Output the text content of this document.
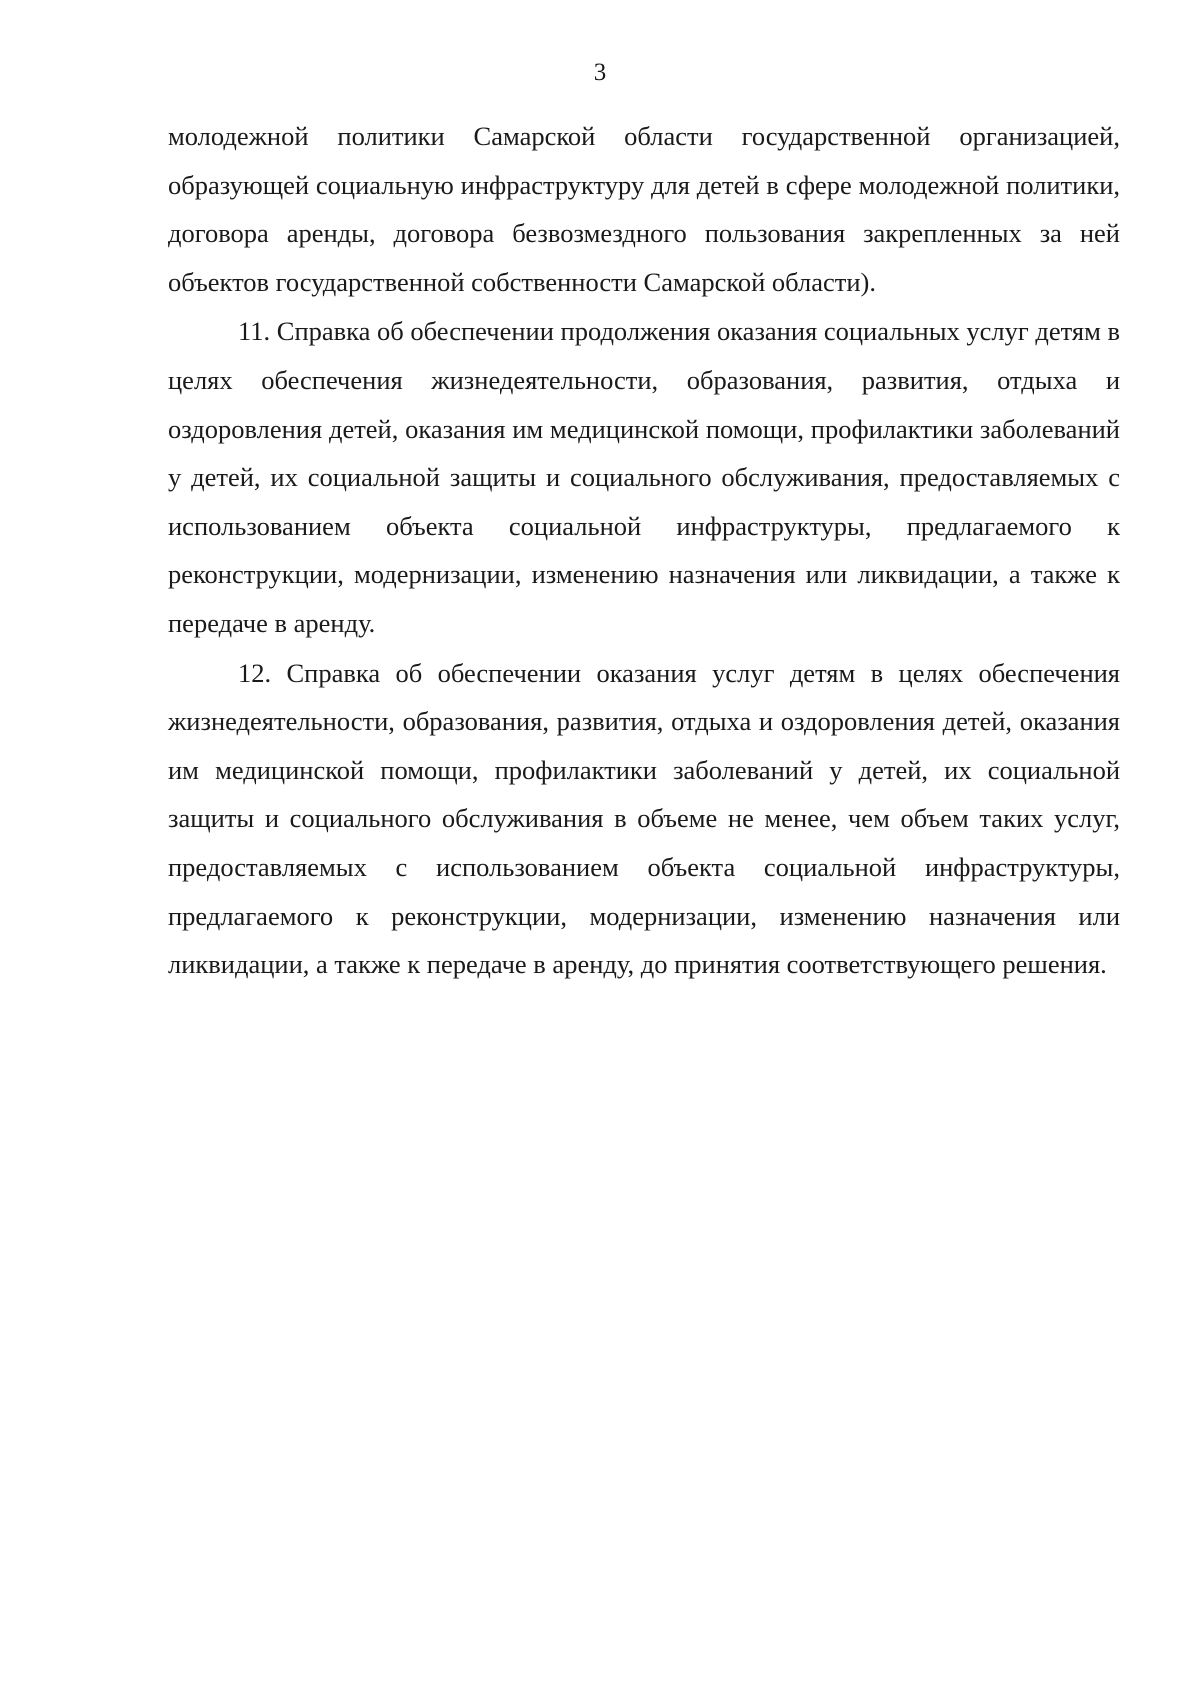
3

молодежной политики Самарской области государственной организацией, образующей социальную инфраструктуру для детей в сфере молодежной политики, договора аренды, договора безвозмездного пользования закрепленных за ней объектов государственной собственности Самарской области).

11. Справка об обеспечении продолжения оказания социальных услуг детям в целях обеспечения жизнедеятельности, образования, развития, отдыха и оздоровления детей, оказания им медицинской помощи, профилактики заболеваний у детей, их социальной защиты и социального обслуживания, предоставляемых с использованием объекта социальной инфраструктуры, предлагаемого к реконструкции, модернизации, изменению назначения или ликвидации, а также к передаче в аренду.

12. Справка об обеспечении оказания услуг детям в целях обеспечения жизнедеятельности, образования, развития, отдыха и оздоровления детей, оказания им медицинской помощи, профилактики заболеваний у детей, их социальной защиты и социального обслуживания в объеме не менее, чем объем таких услуг, предоставляемых с использованием объекта социальной инфраструктуры, предлагаемого к реконструкции, модернизации, изменению назначения или ликвидации, а также к передаче в аренду, до принятия соответствующего решения.
